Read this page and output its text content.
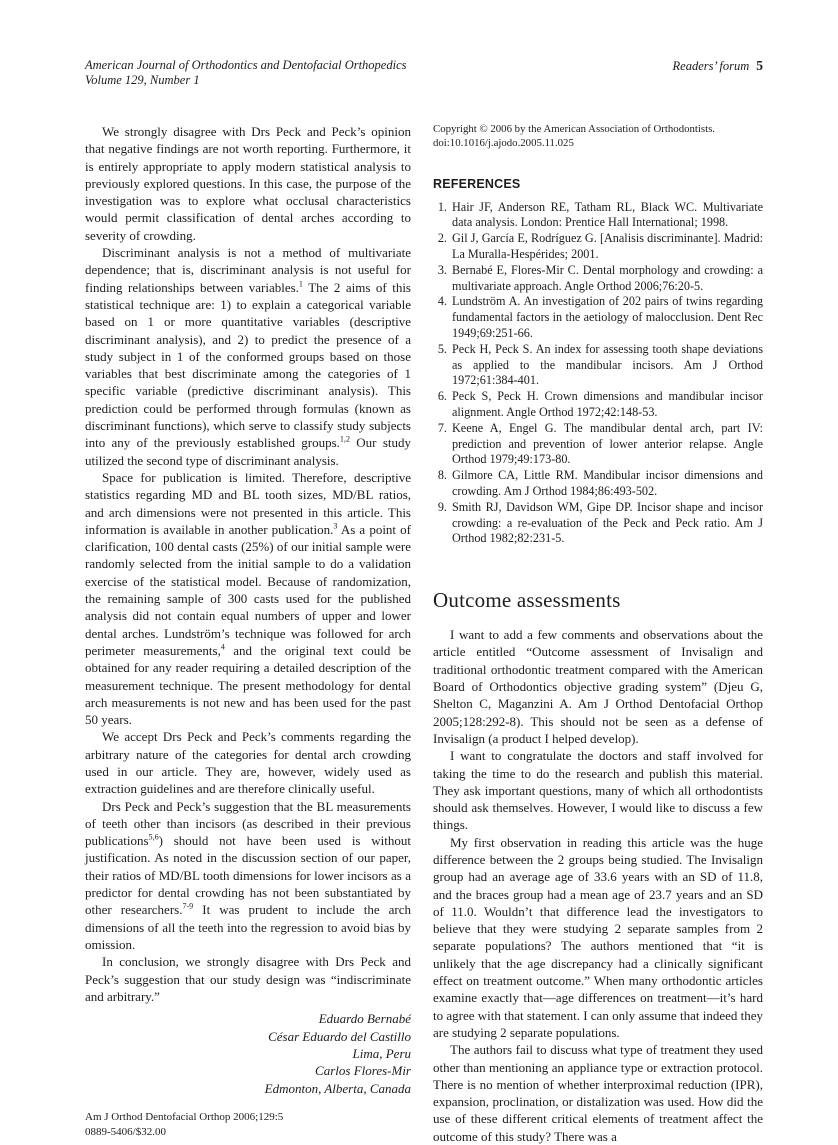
American Journal of Orthodontics and Dentofacial Orthopedics
Volume 129, Number 1
Readers’ forum 5

We strongly disagree with Drs Peck and Peck’s opinion that negative findings are not worth reporting. Furthermore, it is entirely appropriate to apply modern statistical analysis to previously explored questions. In this case, the purpose of the investigation was to explore what occlusal characteristics would permit classification of dental arches according to severity of crowding.

Discriminant analysis is not a method of multivariate dependence; that is, discriminant analysis is not useful for finding relationships between variables.$^1$ The 2 aims of this statistical technique are: 1) to explain a categorical variable based on 1 or more quantitative variables (descriptive discriminant analysis), and 2) to predict the presence of a study subject in 1 of the conformed groups based on those variables that best discriminate among the categories of 1 specific variable (predictive discriminant analysis). This prediction could be performed through formulas (known as discriminant functions), which serve to classify study subjects into any of the previously established groups.$^{1,2}$ Our study utilized the second type of discriminant analysis.

Space for publication is limited. Therefore, descriptive statistics regarding MD and BL tooth sizes, MD/BL ratios, and arch dimensions were not presented in this article. This information is available in another publication.$^3$ As a point of clarification, 100 dental casts (25%) of our initial sample were randomly selected from the initial sample to do a validation exercise of the statistical model. Because of randomization, the remaining sample of 300 casts used for the published analysis did not contain equal numbers of upper and lower dental arches. Lundström’s technique was followed for arch perimeter measurements,$^4$ and the original text could be obtained for any reader requiring a detailed description of the measurement technique. The present methodology for dental arch measurements is not new and has been used for the past 50 years.

We accept Drs Peck and Peck’s comments regarding the arbitrary nature of the categories for dental arch crowding used in our article. They are, however, widely used as extraction guidelines and are therefore clinically useful.

Drs Peck and Peck’s suggestion that the BL measurements of teeth other than incisors (as described in their previous publications$^{5,6}$) should not have been used is without justification. As noted in the discussion section of our paper, their ratios of MD/BL tooth dimensions for lower incisors as a predictor for dental crowding has not been substantiated by other researchers.$^{7-9}$ It was prudent to include the arch dimensions of all the teeth into the regression to avoid bias by omission.

In conclusion, we strongly disagree with Drs Peck and Peck’s suggestion that our study design was “indiscriminate and arbitrary.”

Eduardo Bernabé
César Eduardo del Castillo
Lima, Peru
Carlos Flores-Mir
Edmonton, Alberta, Canada
Am J Orthod Dentofacial Orthop 2006;129:5
0889-5406/$32.00
Copyright © 2006 by the American Association of Orthodontists.
doi:10.1016/j.ajodo.2005.11.025
REFERENCES
1. Hair JF, Anderson RE, Tatham RL, Black WC. Multivariate data analysis. London: Prentice Hall International; 1998.
2. Gil J, García E, Rodríguez G. [Analisis discriminante]. Madrid: La Muralla-Hespérides; 2001.
3. Bernabé E, Flores-Mir C. Dental morphology and crowding: a multivariate approach. Angle Orthod 2006;76:20-5.
4. Lundström A. An investigation of 202 pairs of twins regarding fundamental factors in the aetiology of malocclusion. Dent Rec 1949;69:251-66.
5. Peck H, Peck S. An index for assessing tooth shape deviations as applied to the mandibular incisors. Am J Orthod 1972;61:384-401.
6. Peck S, Peck H. Crown dimensions and mandibular incisor alignment. Angle Orthod 1972;42:148-53.
7. Keene A, Engel G. The mandibular dental arch, part IV: prediction and prevention of lower anterior relapse. Angle Orthod 1979;49:173-80.
8. Gilmore CA, Little RM. Mandibular incisor dimensions and crowding. Am J Orthod 1984;86:493-502.
9. Smith RJ, Davidson WM, Gipe DP. Incisor shape and incisor crowding: a re-evaluation of the Peck and Peck ratio. Am J Orthod 1982;82:231-5.
Outcome assessments

I want to add a few comments and observations about the article entitled “Outcome assessment of Invisalign and traditional orthodontic treatment compared with the American Board of Orthodontics objective grading system” (Djeu G, Shelton C, Maganzini A. Am J Orthod Dentofacial Orthop 2005;128:292-8). This should not be seen as a defense of Invisalign (a product I helped develop).

I want to congratulate the doctors and staff involved for taking the time to do the research and publish this material. They ask important questions, many of which all orthodontists should ask themselves. However, I would like to discuss a few things.

My first observation in reading this article was the huge difference between the 2 groups being studied. The Invisalign group had an average age of 33.6 years with an SD of 11.8, and the braces group had a mean age of 23.7 years and an SD of 11.0. Wouldn’t that difference lead the investigators to believe that they were studying 2 separate samples from 2 separate populations? The authors mentioned that “it is unlikely that the age discrepancy had a clinically significant effect on treatment outcome.” When many orthodontic articles examine exactly that—age differences on treatment—it’s hard to agree with that statement. I can only assume that indeed they are studying 2 separate populations.

The authors fail to discuss what type of treatment they used other than mentioning an appliance type or extraction protocol. There is no mention of whether interproximal reduction (IPR), expansion, proclination, or distalization was used. How did the use of these different critical elements of treatment affect the outcome of this study? There was a
